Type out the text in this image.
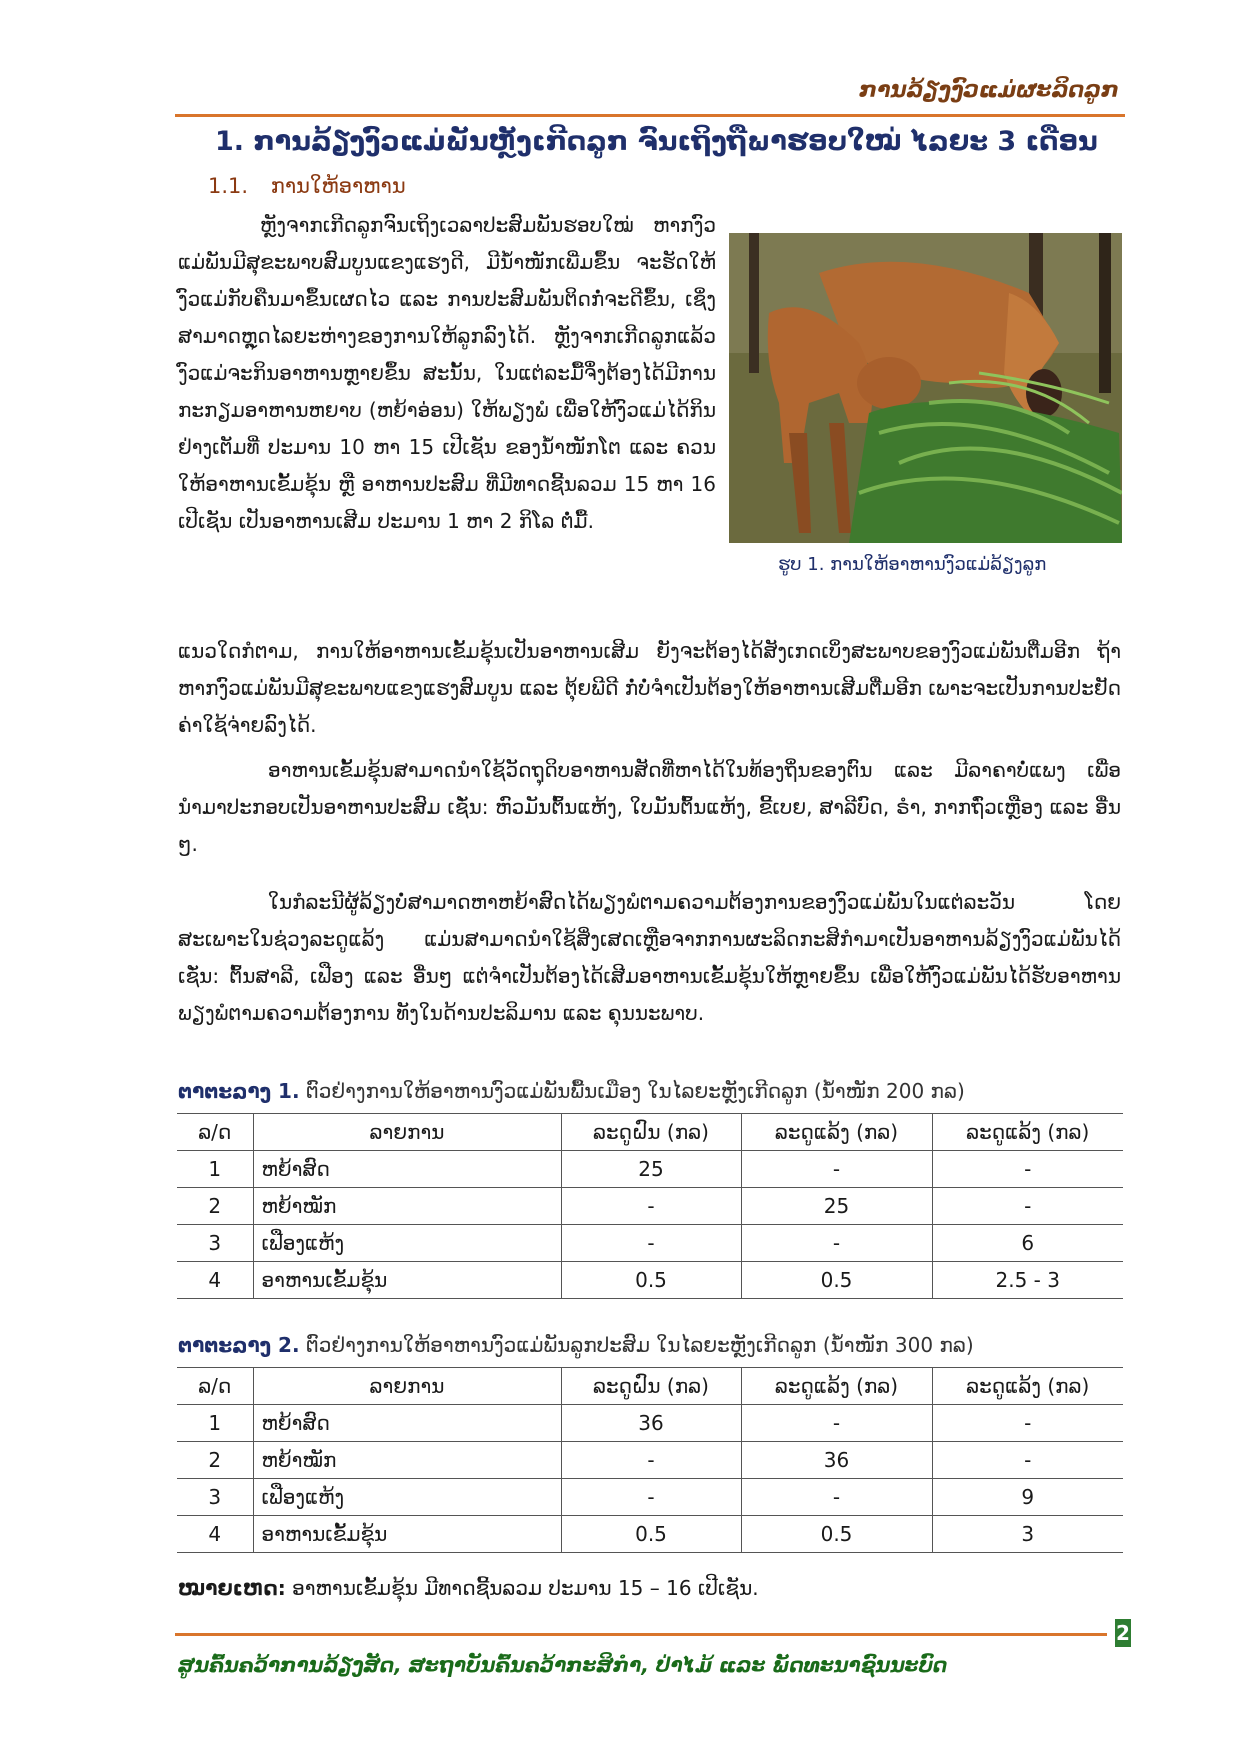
ການລ້ຽງງົວແມ່ຜະລິດລູກ
1. ການລ້ຽງງົວແມ່ພັນຫຼັງເກີດລູກ ຈົນເຖິງຖືພາຮອບໃໝ່ ໄລຍະ 3 ເດືອນ
1.1. ການໃຫ້ອາຫານ

ຫຼັງຈາກເກີດລູກຈົນເຖິງເວລາປະສົມພັນຮອບໃໝ່ ຫາກງົວແມ່ພັນມີສຸຂະພາບສົມບູນແຂງແຮງດີ, ມີນ້ຳໜັກເພີ່ມຂຶ້ນ ຈະຮັດໃຫ້ງົວແມ່ກັບຄືນມາຂຶ້ນເຜດໄວ ແລະ ການປະສົມພັນຕິດກໍ່ຈະດີຂຶ້ນ, ເຊິ່ງສາມາດຫຼຸດໄລຍະຫ່າງຂອງການໃຫ້ລູກລົງໄດ້. ຫຼັງຈາກເກີດລູກແລ້ວ ງົວແມ່ຈະກິນອາຫານຫຼາຍຂຶ້ນ ສະນັ້ນ, ໃນແຕ່ລະມື້ຈຶ່ງຕ້ອງໄດ້ມີການກະກຽມອາຫານຫຍາບ (ຫຍ້າອ່ອນ) ໃຫ້ພຽງພໍ ເພື່ອໃຫ້ງົວແມ່ໄດ້ກິນຢ່າງເຕັມທີ່ ປະມານ 10 ຫາ 15 ເປີເຊັນ ຂອງນ້ຳໜັກໂຕ ແລະ ຄວນໃຫ້ອາຫານເຂັ້ມຂຸ້ນ ຫຼື ອາຫານປະສົມ ທີ່ມີທາດຊີ້ນລວມ 15 ຫາ 16 ເປີເຊັນ ເປັນອາຫານເສີມ ປະມານ 1 ຫາ 2 ກິໂລ ຕໍ່ມື້.

ຮູບ 1. ການໃຫ້ອາຫານງົວແມ່ລ້ຽງລູກ

ແນວໃດກໍຕາມ, ການໃຫ້ອາຫານເຂັ້ມຂຸ້ນເປັນອາຫານເສີມ ຍັງຈະຕ້ອງໄດ້ສັງເກດເບິ່ງສະພາບຂອງງົວແມ່ພັນຕື່ມອີກ ຖ້າຫາກງົວແມ່ພັນມີສຸຂະພາບແຂງແຮງສົມບູນ ແລະ ຕຸ້ຍພີດີ ກໍ່ບໍ່ຈຳເປັນຕ້ອງໃຫ້ອາຫານເສີມຕື່ມອີກ ເພາະຈະເປັນການປະຢັດຄ່າໃຊ້ຈ່າຍລົງໄດ້.

ອາຫານເຂັ້ມຂຸ້ນສາມາດນຳໃຊ້ວັດຖຸດິບອາຫານສັດທີ່ຫາໄດ້ໃນທ້ອງຖິ່ນຂອງຕົນ ແລະ ມີລາຄາບໍ່ແພງ ເພື່ອນຳມາປະກອບເປັນອາຫານປະສົມ ເຊັ່ນ: ຫົວມັນຕົ້ນແຫ້ງ, ໃບມັນຕົ້ນແຫ້ງ, ຂີ້ເບຍ, ສາລີບົດ, ຣຳ, ກາກຖົ່ວເຫຼືອງ ແລະ ອື່ນໆ.

ໃນກໍລະນີຜູ້ລ້ຽງບໍ່ສາມາດຫາຫຍ້າສົດໄດ້ພຽງພໍຕາມຄວາມຕ້ອງການຂອງງົວແມ່ພັນໃນແຕ່ລະວັນ ໂດຍສະເພາະໃນຊ່ວງລະດູແລ້ງ ແມ່ນສາມາດນຳໃຊ້ສິ່ງເສດເຫຼືອຈາກການຜະລິດກະສິກຳມາເປັນອາຫານລ້ຽງງົວແມ່ພັນໄດ້ ເຊັ່ນ: ຕົ້ນສາລີ, ເຟືອງ ແລະ ອື່ນໆ ແຕ່ຈຳເປັນຕ້ອງໄດ້ເສີມອາຫານເຂັ້ມຂຸ້ນໃຫ້ຫຼາຍຂຶ້ນ ເພື່ອໃຫ້ງົວແມ່ພັນໄດ້ຮັບອາຫານພຽງພໍຕາມຄວາມຕ້ອງການ ທັງໃນດ້ານປະລິມານ ແລະ ຄຸນນະພາບ.

ຕາຕະລາງ 1. ຕົວຢ່າງການໃຫ້ອາຫານງົວແມ່ພັນພື້ນເມືອງ ໃນໄລຍະຫຼັງເກີດລູກ (ນ້ຳໜັກ 200 ກລ)
ລ/ດ	ລາຍການ	ລະດູຝົນ (ກລ)	ລະດູແລ້ງ (ກລ)	ລະດູແລ້ງ (ກລ)
1	ຫຍ້າສົດ	25	-	-
2	ຫຍ້າໝັກ	-	25	-
3	ເຟືອງແຫ້ງ	-	-	6
4	ອາຫານເຂັ້ມຂຸ້ນ	0.5	0.5	2.5 - 3
ຕາຕະລາງ 2. ຕົວຢ່າງການໃຫ້ອາຫານງົວແມ່ພັນລູກປະສົມ ໃນໄລຍະຫຼັງເກີດລູກ (ນ້ຳໜັກ 300 ກລ)
ລ/ດ	ລາຍການ	ລະດູຝົນ (ກລ)	ລະດູແລ້ງ (ກລ)	ລະດູແລ້ງ (ກລ)
1	ຫຍ້າສົດ	36	-	-
2	ຫຍ້າໝັກ	-	36	-
3	ເຟືອງແຫ້ງ	-	-	9
4	ອາຫານເຂັ້ມຂຸ້ນ	0.5	0.5	3
ໝາຍເຫດ: ອາຫານເຂັ້ມຂຸ້ນ ມີທາດຊີ້ນລວມ ປະມານ 15 – 16 ເປີເຊັນ.
2
ສູນຄົ້ນຄວ້າການລ້ຽງສັດ, ສະຖາບັນຄົ້ນຄວ້າກະສິກຳ, ປ່າໄມ້ ແລະ ພັດທະນາຊົນນະບົດ
